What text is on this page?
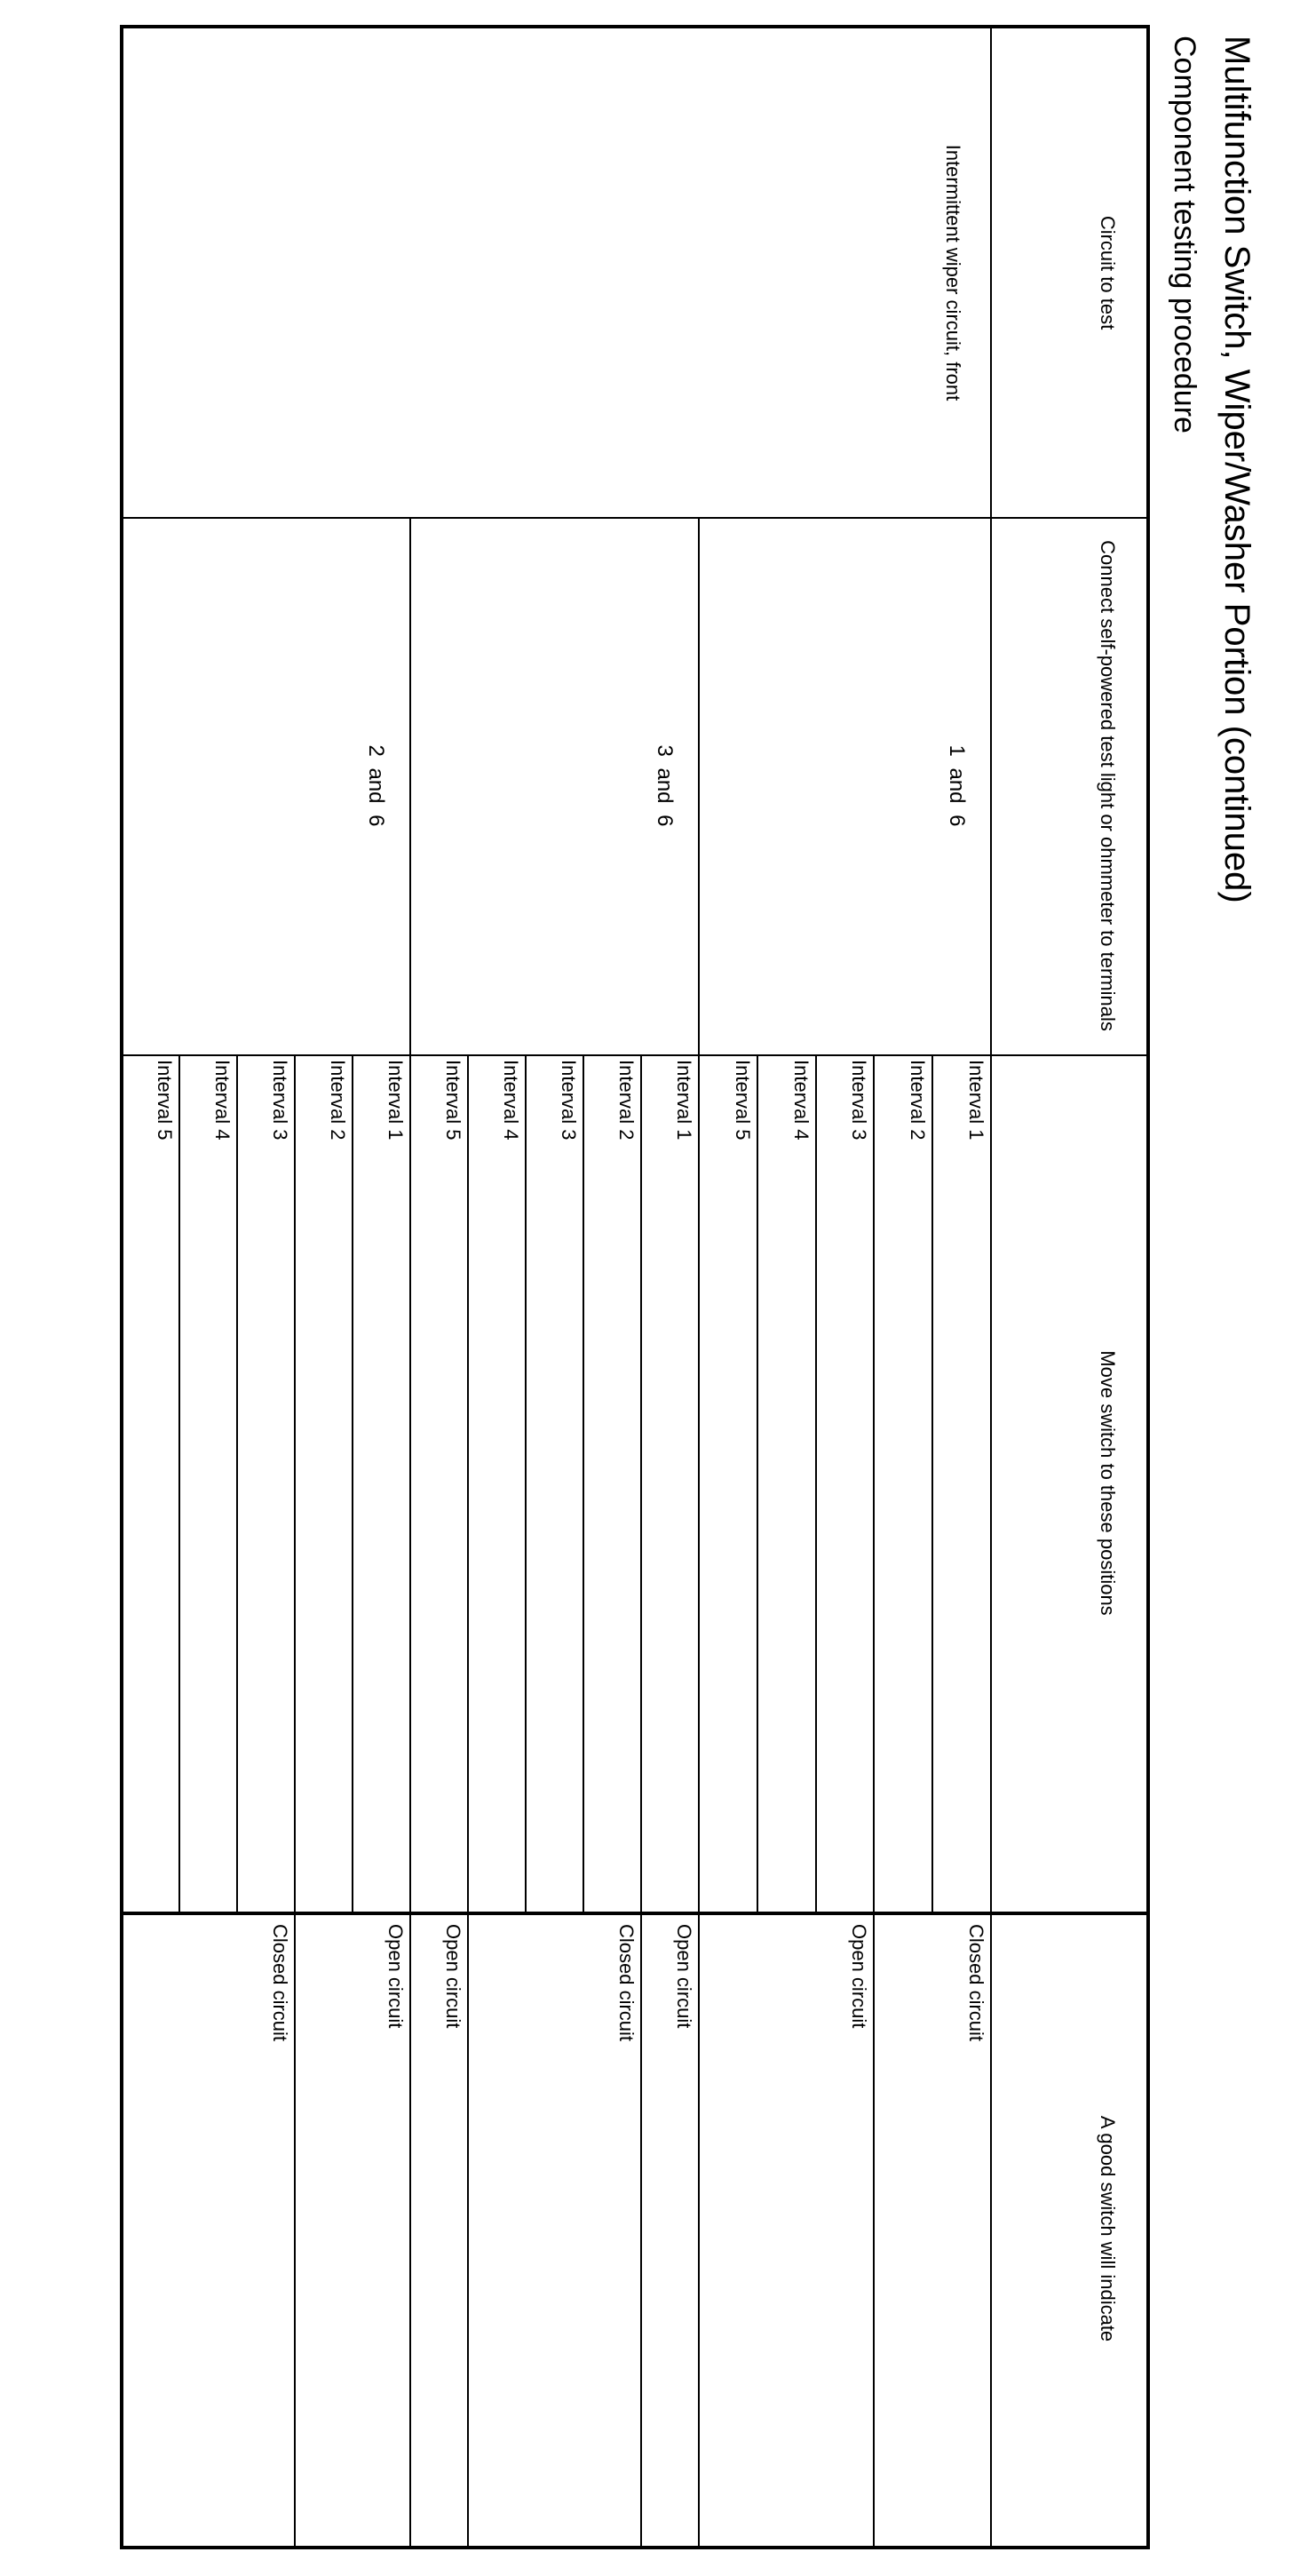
Multifunction Switch, Wiper/Washer Portion (continued)
Component testing procedure
Circuit to test
Connect self-powered test light or ohmmeter to terminals
Move switch to these positions
A good switch will indicate
Intermittent wiper circuit, front
1 and 6
3 and 6
2 and 6
Interval 1
Interval 2
Interval 3
Interval 4
Interval 5
Interval 1
Interval 2
Interval 3
Interval 4
Interval 5
Interval 1
Interval 2
Interval 3
Interval 4
Interval 5
Closed circuit
Open circuit
Open circuit
Closed circuit
Open circuit
Open circuit
Closed circuit
